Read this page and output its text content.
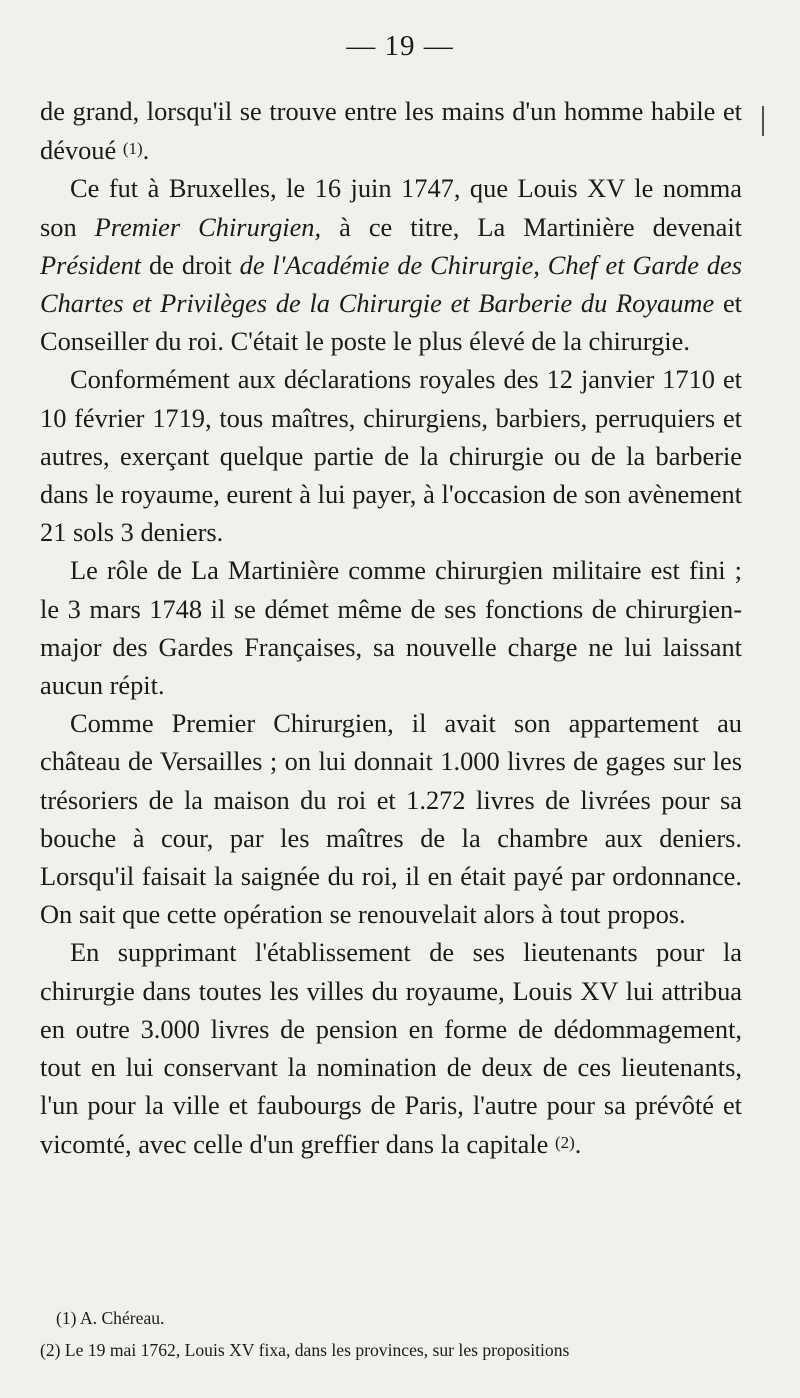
— 19 —

de grand, lorsqu'il se trouve entre les mains d'un homme habile et dévoué (1).

Ce fut à Bruxelles, le 16 juin 1747, que Louis XV le nomma son Premier Chirurgien, à ce titre, La Martinière devenait Président de droit de l'Académie de Chirurgie, Chef et Garde des Chartes et Privilèges de la Chirurgie et Barberie du Royaume et Conseiller du roi. C'était le poste le plus élevé de la chirurgie.

Conformément aux déclarations royales des 12 janvier 1710 et 10 février 1719, tous maîtres, chirurgiens, barbiers, perruquiers et autres, exerçant quelque partie de la chirurgie ou de la barberie dans le royaume, eurent à lui payer, à l'occasion de son avènement 21 sols 3 deniers.

Le rôle de La Martinière comme chirurgien militaire est fini ; le 3 mars 1748 il se démet même de ses fonctions de chirurgien-major des Gardes Françaises, sa nouvelle charge ne lui laissant aucun répit.

Comme Premier Chirurgien, il avait son appartement au château de Versailles ; on lui donnait 1.000 livres de gages sur les trésoriers de la maison du roi et 1.272 livres de livrées pour sa bouche à cour, par les maîtres de la chambre aux deniers. Lorsqu'il faisait la saignée du roi, il en était payé par ordonnance. On sait que cette opération se renouvelait alors à tout propos.

En supprimant l'établissement de ses lieutenants pour la chirurgie dans toutes les villes du royaume, Louis XV lui attribua en outre 3.000 livres de pension en forme de dédommagement, tout en lui conservant la nomination de deux de ces lieutenants, l'un pour la ville et faubourgs de Paris, l'autre pour sa prévôté et vicomté, avec celle d'un greffier dans la capitale (2).

(1) A. Chéreau.

(2) Le 19 mai 1762, Louis XV fixa, dans les provinces, sur les propositions
